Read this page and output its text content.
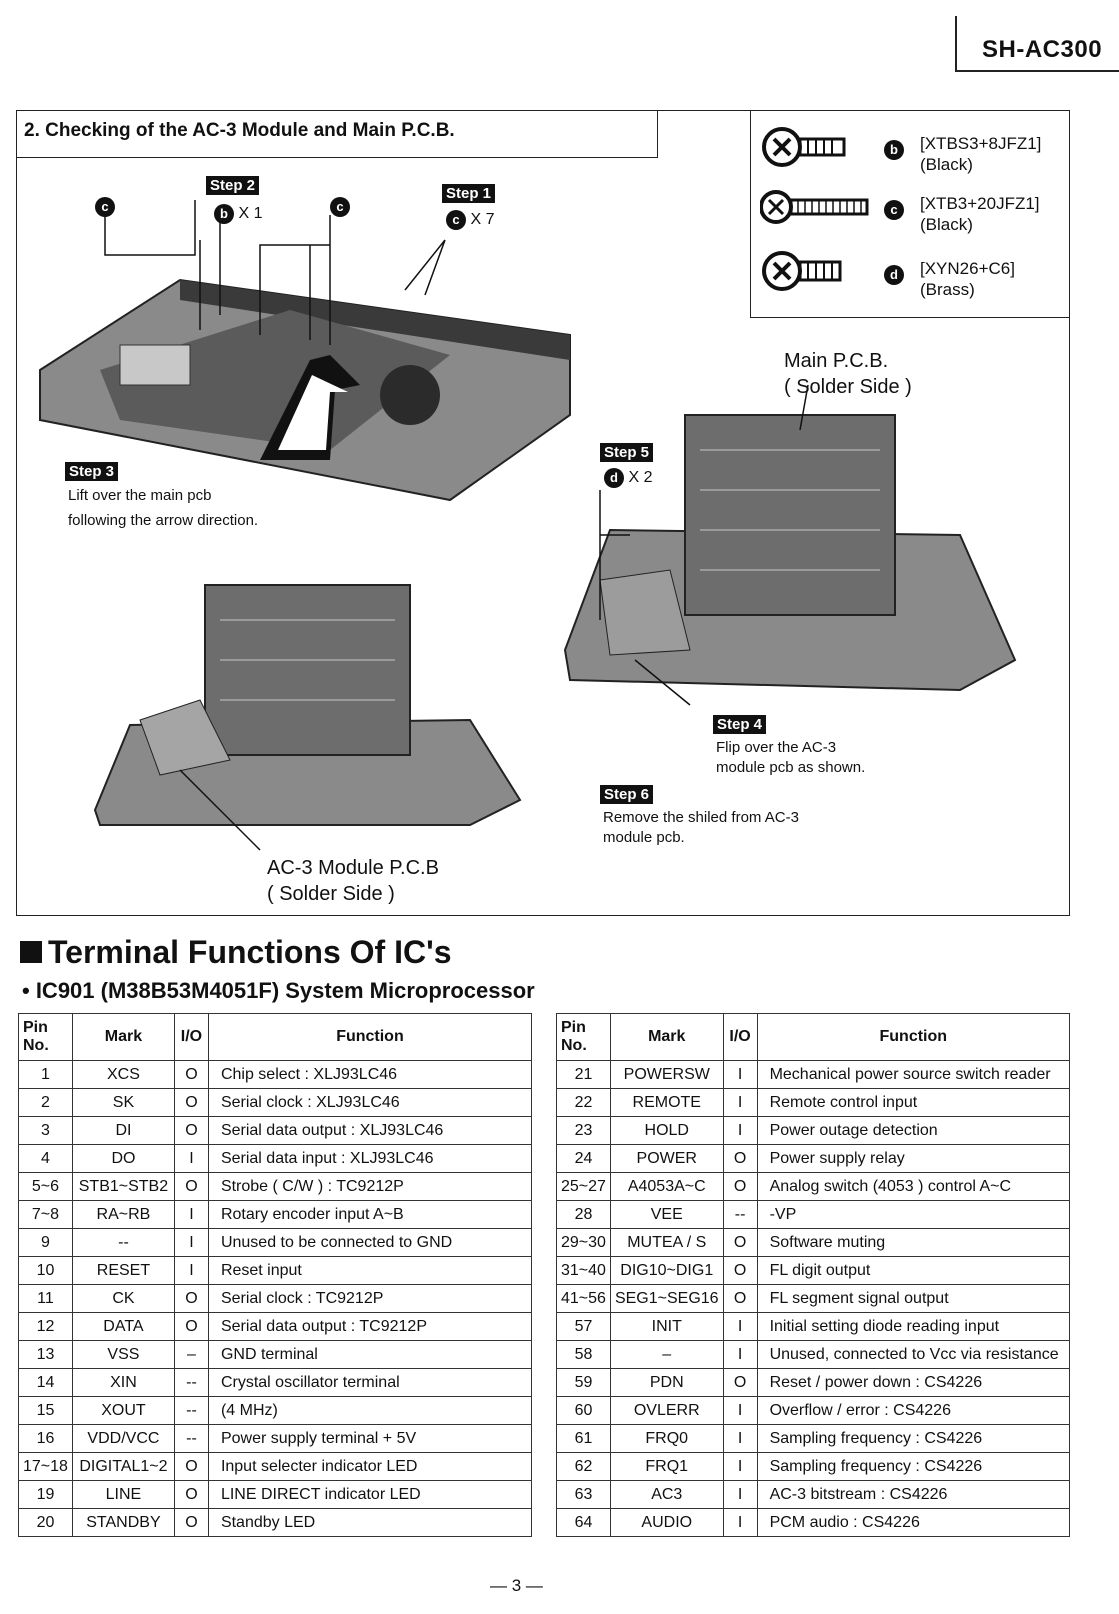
SH-AC300
2. Checking of the AC-3 Module and Main P.C.B.
b	[XTBS3+8JFZ1]
(Black)
c	[XTB3+20JFZ1]
(Black)
d	[XYN26+C6]
(Brass)
Step 2
b X 1
Step 1
c X 7
c	c
Step 3
Lift over the main pcb
following the arrow direction.
Main P.C.B.
( Solder Side )
Step 5
d X 2
Step 4
Flip over the AC-3
module pcb as shown.
Step 6
Remove the shiled from AC-3
module pcb.
AC-3 Module P.C.B
( Solder Side )
Terminal Functions Of IC's
• IC901 (M38B53M4051F) System Microprocessor
Pin
No.	Mark	I/O	Function
1	XCS	O	Chip select : XLJ93LC46
2	SK	O	Serial clock : XLJ93LC46
3	DI	O	Serial data output : XLJ93LC46
4	DO	I	Serial data input : XLJ93LC46
5~6	STB1~STB2	O	Strobe ( C/W ) : TC9212P
7~8	RA~RB	I	Rotary encoder input A~B
9	--	I	Unused to be connected to GND
10	RESET	I	Reset input
11	CK	O	Serial clock : TC9212P
12	DATA	O	Serial data output : TC9212P
13	VSS	–	GND terminal
14	XIN	--	Crystal oscillator terminal
15	XOUT	--	(4 MHz)
16	VDD/VCC	--	Power supply terminal + 5V
17~18	DIGITAL1~2	O	Input selecter indicator LED
19	LINE	O	LINE DIRECT indicator LED
20	STANDBY	O	Standby LED
Pin
No.	Mark	I/O	Function
21	POWERSW	I	Mechanical power source switch reader
22	REMOTE	I	Remote control input
23	HOLD	I	Power outage detection
24	POWER	O	Power supply relay
25~27	A4053A~C	O	Analog switch (4053 ) control A~C
28	VEE	--	-VP
29~30	MUTEA / S	O	Software muting
31~40	DIG10~DIG1	O	FL digit output
41~56	SEG1~SEG16	O	FL segment signal output
57	INIT	I	Initial setting diode reading input
58	–	I	Unused, connected to Vcc via resistance
59	PDN	O	Reset / power down : CS4226
60	OVLERR	I	Overflow / error : CS4226
61	FRQ0	I	Sampling frequency : CS4226
62	FRQ1	I	Sampling frequency : CS4226
63	AC3	I	AC-3 bitstream : CS4226
64	AUDIO	I	PCM audio : CS4226
— 3 —
